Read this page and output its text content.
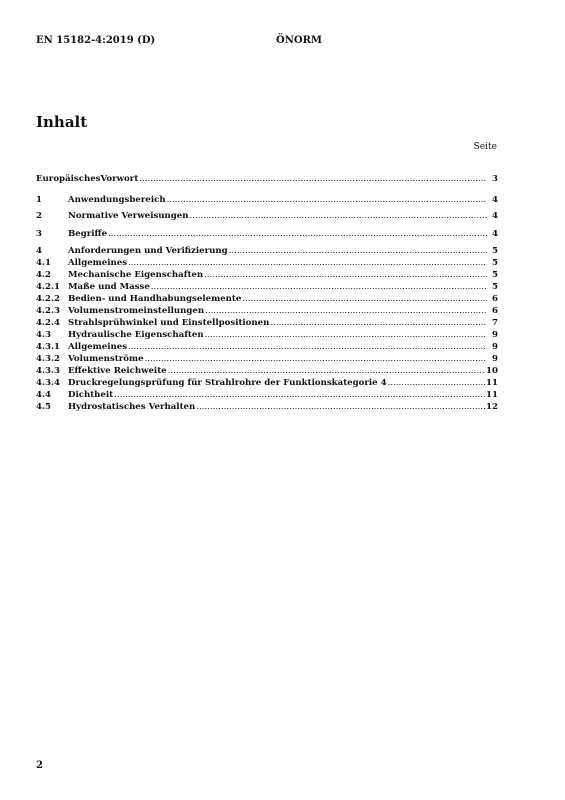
EN 15182-4:2019 (D)	ÖNORM
Inhalt
Seite
EuropäischesVorwort .....	3
1	Anwendungsbereich .....	4
2	Normative Verweisungen .....	4
3	Begriffe .....	4
4	Anforderungen und Verifizierung .....	5
4.1	Allgemeines .....	5
4.2	Mechanische Eigenschaften .....	5
4.2.1 Maße und Masse .....	5
4.2.2 Bedien- und Handhabungselemente .....	6
4.2.3 Volumenstromeinstellungen .....	6
4.2.4 Strahlsprühwinkel und Einstellpositionen .....	7
4.3	Hydraulische Eigenschaften .....	9
4.3.1 Allgemeines .....	9
4.3.2 Volumenströme .....	9
4.3.3 Effektive Reichweite .....	10
4.3.4 Druckregelungsprüfung für Strahlrohre der Funktionskategorie 4 .....	11
4.4	Dichtheit .....	11
4.5	Hydrostatisches Verhalten .....	12
2
